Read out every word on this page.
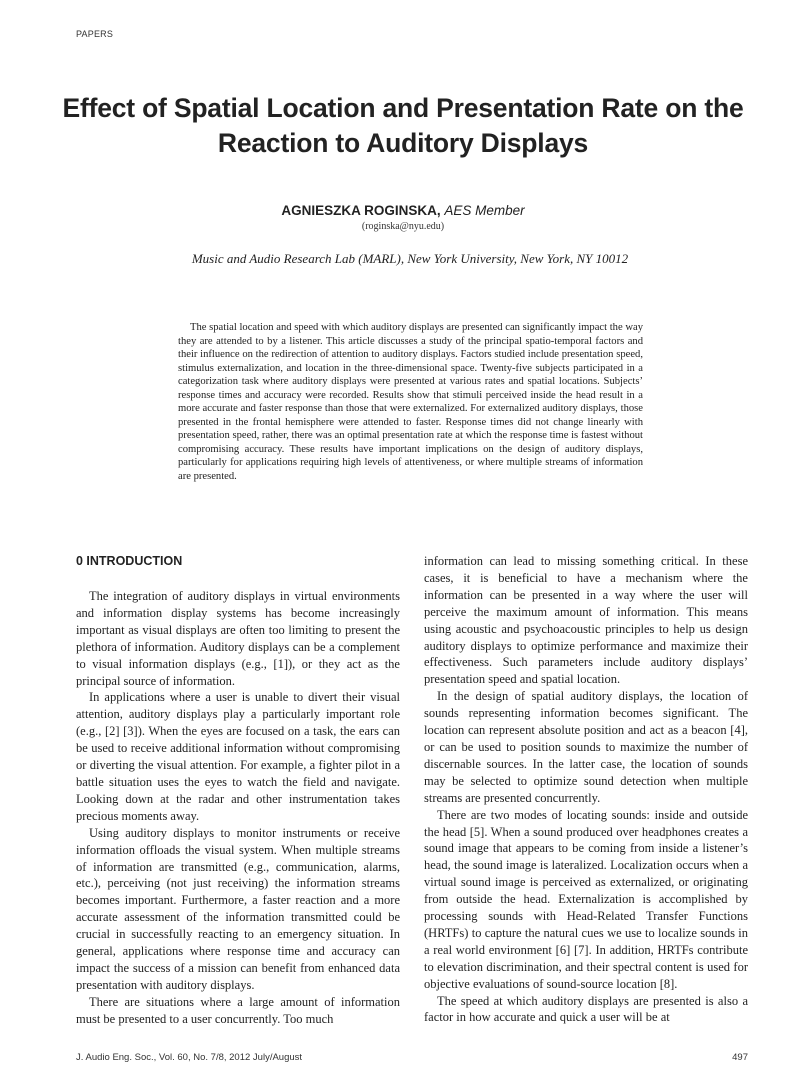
PAPERS
Effect of Spatial Location and Presentation Rate on the Reaction to Auditory Displays
AGNIESZKA ROGINSKA, AES Member
(roginska@nyu.edu)
Music and Audio Research Lab (MARL), New York University, New York, NY 10012

The spatial location and speed with which auditory displays are presented can significantly impact the way they are attended to by a listener. This article discusses a study of the principal spatio-temporal factors and their influence on the redirection of attention to auditory displays. Factors studied include presentation speed, stimulus externalization, and location in the three-dimensional space. Twenty-five subjects participated in a categorization task where auditory displays were presented at various rates and spatial locations. Subjects’ response times and accuracy were recorded. Results show that stimuli perceived inside the head result in a more accurate and faster response than those that were externalized. For externalized auditory displays, those presented in the frontal hemisphere were attended to faster. Response times did not change linearly with presentation speed, rather, there was an optimal presentation rate at which the response time is fastest without compromising accuracy. These results have important implications on the design of auditory displays, particularly for applications requiring high levels of attentiveness, or where multiple streams of information are presented.

0 INTRODUCTION

The integration of auditory displays in virtual environments and information display systems has become increasingly important as visual displays are often too limiting to present the plethora of information. Auditory displays can be a complement to visual information displays (e.g., [1]), or they act as the principal source of information.

In applications where a user is unable to divert their visual attention, auditory displays play a particularly important role (e.g., [2] [3]). When the eyes are focused on a task, the ears can be used to receive additional information without compromising or diverting the visual attention. For example, a fighter pilot in a battle situation uses the eyes to watch the field and navigate. Looking down at the radar and other instrumentation takes precious moments away.

Using auditory displays to monitor instruments or receive information offloads the visual system. When multiple streams of information are transmitted (e.g., communication, alarms, etc.), perceiving (not just receiving) the information streams becomes important. Furthermore, a faster reaction and a more accurate assessment of the information transmitted could be crucial in successfully reacting to an emergency situation. In general, applications where response time and accuracy can impact the success of a mission can benefit from enhanced data presentation with auditory displays.

There are situations where a large amount of information must be presented to a user concurrently. Too much

information can lead to missing something critical. In these cases, it is beneficial to have a mechanism where the information can be presented in a way where the user will perceive the maximum amount of information. This means using acoustic and psychoacoustic principles to help us design auditory displays to optimize performance and maximize their effectiveness. Such parameters include auditory displays’ presentation speed and spatial location.

In the design of spatial auditory displays, the location of sounds representing information becomes significant. The location can represent absolute position and act as a beacon [4], or can be used to position sounds to maximize the number of discernable sources. In the latter case, the location of sounds may be selected to optimize sound detection when multiple streams are presented concurrently.

There are two modes of locating sounds: inside and outside the head [5]. When a sound produced over headphones creates a sound image that appears to be coming from inside a listener’s head, the sound image is lateralized. Localization occurs when a virtual sound image is perceived as externalized, or originating from outside the head. Externalization is accomplished by processing sounds with Head-Related Transfer Functions (HRTFs) to capture the natural cues we use to localize sounds in a real world environment [6] [7]. In addition, HRTFs contribute to elevation discrimination, and their spectral content is used for objective evaluations of sound-source location [8].

The speed at which auditory displays are presented is also a factor in how accurate and quick a user will be at

J. Audio Eng. Soc., Vol. 60, No. 7/8, 2012 July/August	497
